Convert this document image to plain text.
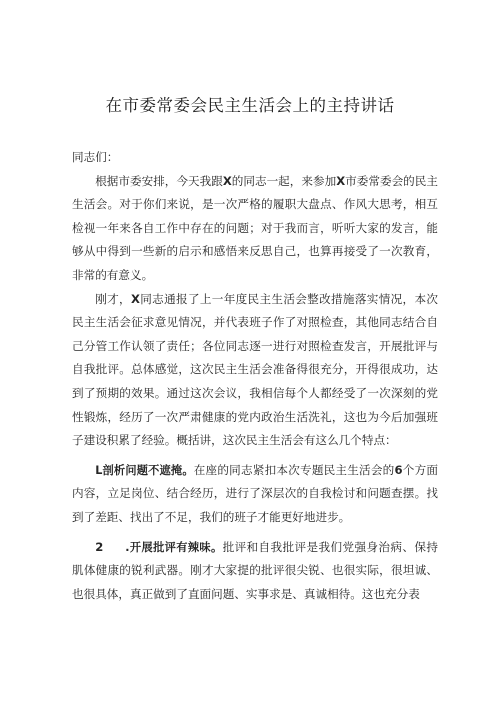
在市委常委会民主生活会上的主持讲话

同志们：

根据市委安排，今天我跟X的同志一起，来参加X市委常委会的民主生活会。对于你们来说，是一次严格的履职大盘点、作风大思考，相互检视一年来各自工作中存在的问题；对于我而言，听听大家的发言，能够从中得到一些新的启示和感悟来反思自己，也算再接受了一次教育，非常的有意义。

刚才，X同志通报了上一年度民主生活会整改措施落实情况，本次民主生活会征求意见情况，并代表班子作了对照检查，其他同志结合自己分管工作认领了责任；各位同志逐一进行对照检查发言，开展批评与自我批评。总体感觉，这次民主生活会准备得很充分，开得很成功，达到了预期的效果。通过这次会议，我相信每个人都经受了一次深刻的党性锻炼，经历了一次严肃健康的党内政治生活洗礼，这也为今后加强班子建设积累了经验。概括讲，这次民主生活会有这么几个特点：

L剖析问题不遮掩。在座的同志紧扣本次专题民主生活会的6个方面内容，立足岗位、结合经历，进行了深层次的自我检讨和问题查摆。找到了差距、找出了不足，我们的班子才能更好地进步。

2 .开展批评有辣味。批评和自我批评是我们党强身治病、保持肌体健康的锐利武器。刚才大家提的批评很尖锐、也很实际，很坦诚、也很具体，真正做到了直面问题、实事求是、真诚相待。这也充分表
